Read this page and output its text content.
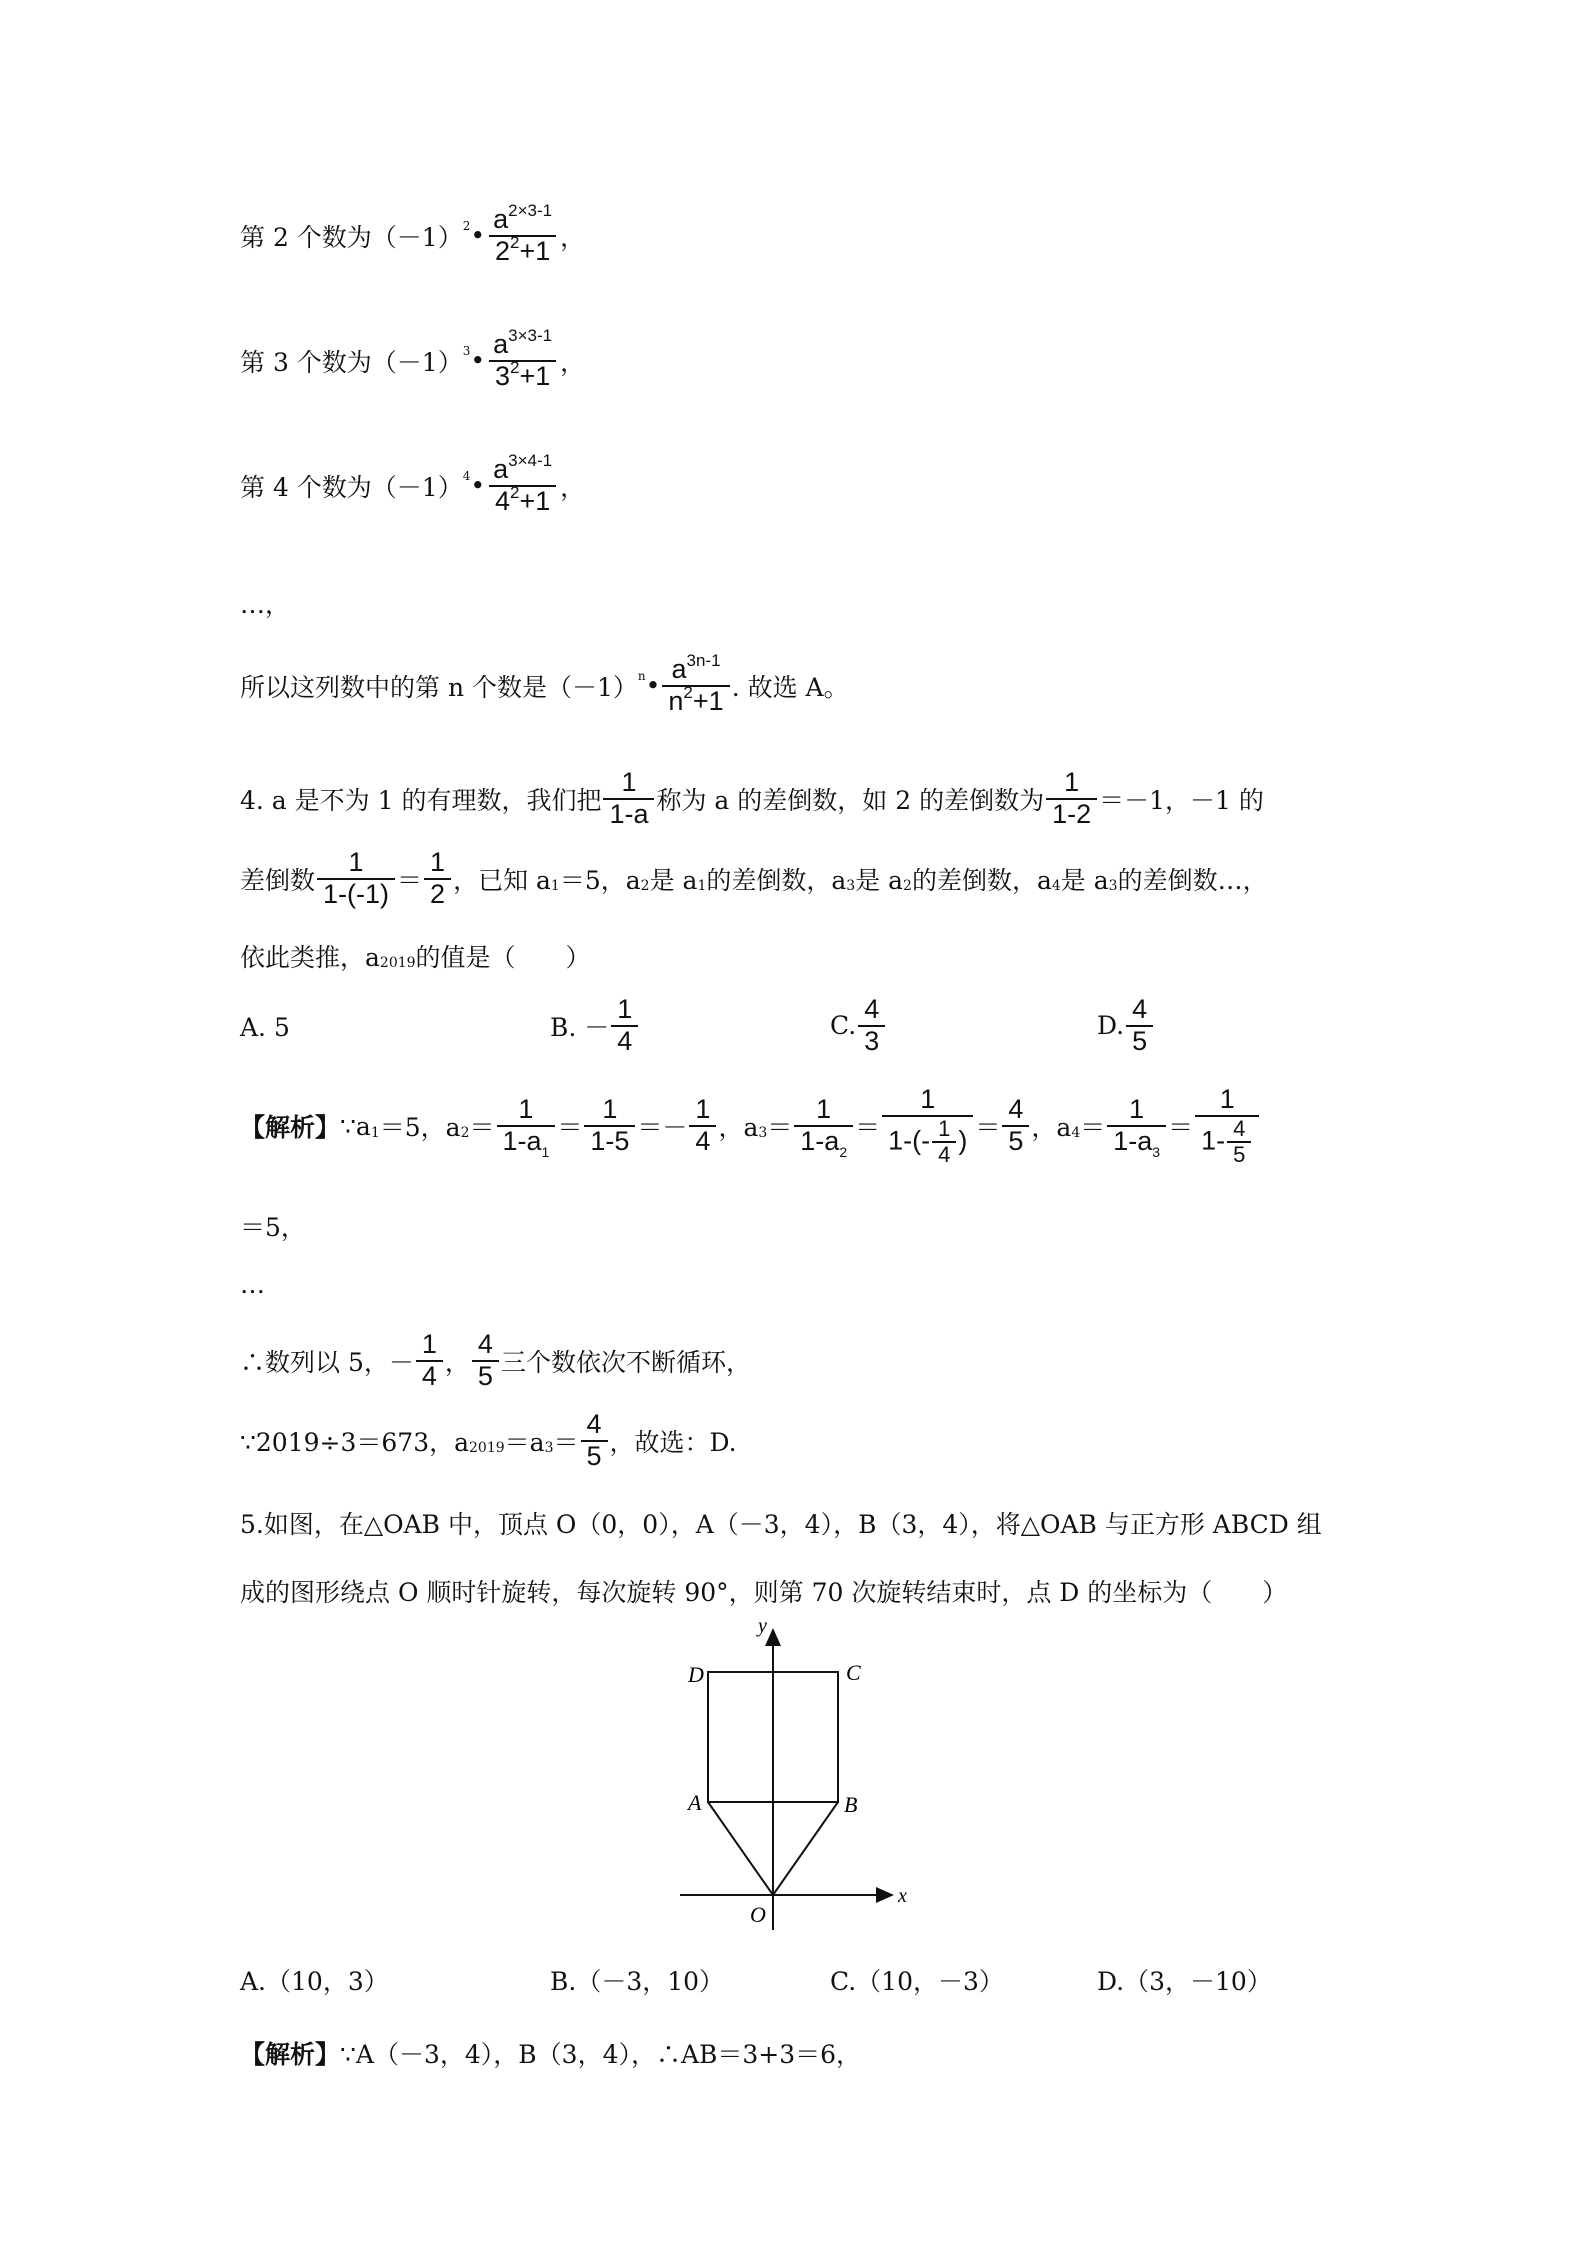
第 2 个数为（－1） 2 • $\frac{a^{2\times 3-1}}{2^2+1}$ ，
第 3 个数为（－1） 3 • $\frac{a^{3\times 3-1}}{3^2+1}$ ，
第 4 个数为（－1） 4 • $\frac{a^{3\times 4-1}}{4^2+1}$ ，
…，
所以这列数中的第 n 个数是（－1） n • $\frac{a^{3n-1}}{n^2+1}$ . 故选 A。
4. a 是不为 1 的有理数，我们把 $\frac{1}{1-a}$ 称为 a 的差倒数，如 2 的差倒数为 $\frac{1}{1-2} =-1$，－1 的
差倒数 $\frac{1}{1-(-1)} = \frac{1}{2}$ ，已知 a 1 ＝5，a 2 是 a 1 的差倒数，a 3 是 a 2 的差倒数，a 4 是 a 3 的差倒数…，
依此类推，a 2019 的值是（　　）
A. 5	B. － $\frac{1}{4}$	C. $\frac{4}{3}$	D. $\frac{4}{5}$
【解析】 ∵a 1 ＝5，a $2 = \frac{1}{1-a_1} = \frac{1}{1-5}$ ＝ － $\frac{1}{4}$ ，a $3 = \frac{1}{1-a_2} = \frac{1}{1-(- \frac{1}{4} )} = \frac{4}{5}$ ，a $4 = \frac{1}{1-a_3} = \frac{1}{1- \frac{4}{5}}$
＝5，
…
∴数列以 5，－ $\frac{1}{4}$ ， $\frac{4}{5}$ 三个数依次不断循环，
∵2019÷3＝673，a 2019 ＝a $3 = \frac{4}{5}$ ，故选：D.
5.如图，在△OAB 中，顶点 O（0，0），A（－3，4），B（3，4），将△OAB 与正方形 ABCD 组
成的图形绕点 O 顺时针旋转，每次旋转 90°，则第 70 次旋转结束时，点 D 的坐标为（　　）
y
D	C
A	B
O
x
A.（10，3）	B.（－3，10）	C.（10，－3）	D.（3，－10）
【解析】 ∵A（－3，4），B（3，4），∴AB＝3+3＝6，
